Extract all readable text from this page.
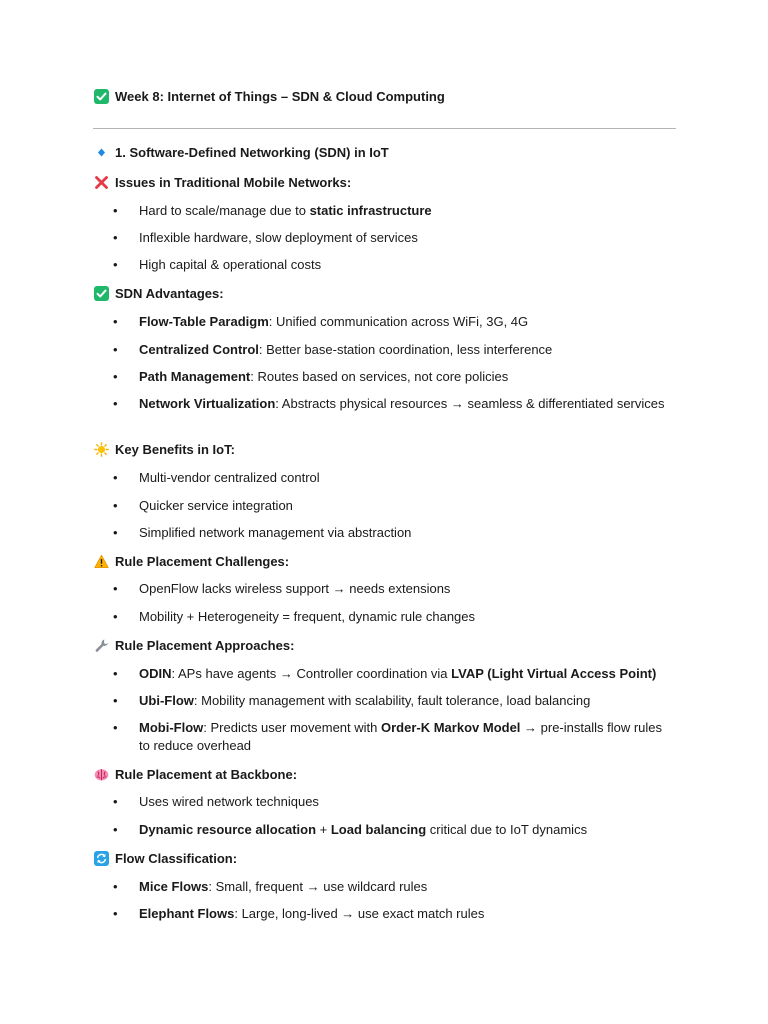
Week 8: Internet of Things – SDN & Cloud Computing
1. Software-Defined Networking (SDN) in IoT
Issues in Traditional Mobile Networks:
• Hard to scale/manage due to static infrastructure
• Inflexible hardware, slow deployment of services
• High capital & operational costs
SDN Advantages:
• Flow-Table Paradigm: Unified communication across WiFi, 3G, 4G
• Centralized Control: Better base-station coordination, less interference
• Path Management: Routes based on services, not core policies
• Network Virtualization: Abstracts physical resources → seamless & differentiated services
Key Benefits in IoT:
• Multi-vendor centralized control
• Quicker service integration
• Simplified network management via abstraction
Rule Placement Challenges:
• OpenFlow lacks wireless support → needs extensions
• Mobility + Heterogeneity = frequent, dynamic rule changes
Rule Placement Approaches:
• ODIN: APs have agents → Controller coordination via LVAP (Light Virtual Access Point)
• Ubi-Flow: Mobility management with scalability, fault tolerance, load balancing
• Mobi-Flow: Predicts user movement with Order-K Markov Model → pre-installs flow rules to reduce overhead
Rule Placement at Backbone:
• Uses wired network techniques
• Dynamic resource allocation + Load balancing critical due to IoT dynamics
Flow Classification:
• Mice Flows: Small, frequent → use wildcard rules
• Elephant Flows: Large, long-lived → use exact match rules
